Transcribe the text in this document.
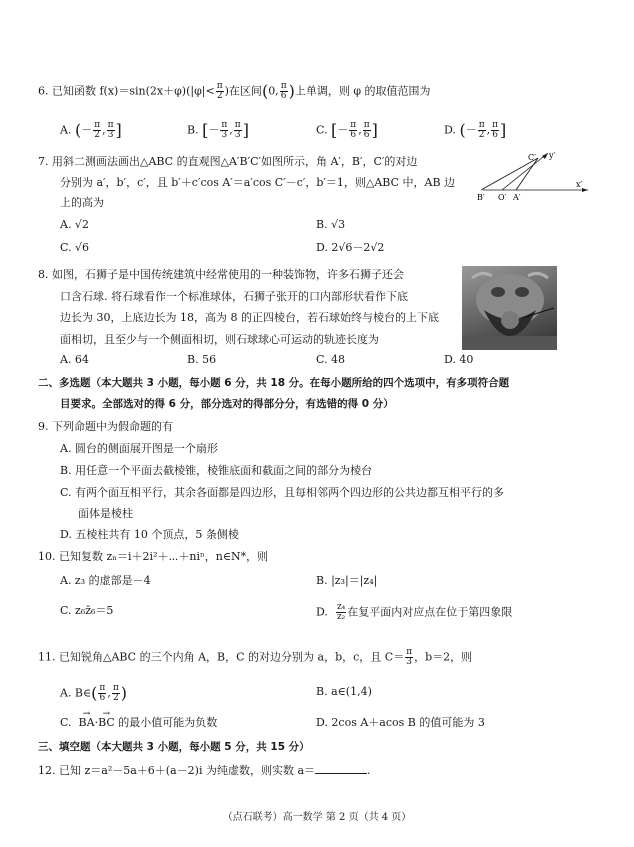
6. 已知函数 $f(x)=\sin(2x+\varphi)(|\varphi|< \frac{\pi}{2}$ )在区间(0, $\frac{\pi}{6}$ )上单调，则 φ 的取值范围为
A. (－ $\frac{\pi}{2}$ , $\frac{\pi}{3}$ ]	B. [－ $\frac{\pi}{3}$ , $\frac{\pi}{3}$ ]	C. [－ $\frac{\pi}{6}$ , $\frac{\pi}{6}$ ]	D. (－ $\frac{\pi}{2}$ , $\frac{\pi}{6}$ ]
7. 用斜二测画法画出△ABC 的直观图△A′B′C′如图所示，角 A′，B′，C′的对边
分别为 a′，b′，c′，且 b′＋c′cos A′＝a′cos C′－c′，b′＝1，则△ABC 中，AB 边
上的高为
A. √2	B. √3
C. √6	D. 2√6－2√2
C′ y′
x′
B′ O′ A′
8. 如图，石狮子是中国传统建筑中经常使用的一种装饰物，许多石狮子还会
口含石球. 将石球看作一个标准球体，石狮子张开的口内部形状看作下底
边长为 30，上底边长为 18，高为 8 的正四棱台，若石球始终与棱台的上下底
面相切，且至少与一个侧面相切，则石球球心可运动的轨迹长度为
A. 64	B. 56	C. 48	D. 40
二、多选题（本大题共 3 小题，每小题 6 分，共 18 分。在每小题所给的四个选项中，有多项符合题
目要求。全部选对的得 6 分，部分选对的得部分分，有选错的得 0 分）
9. 下列命题中为假命题的有
A. 圆台的侧面展开图是一个扇形
B. 用任意一个平面去截棱锥，棱锥底面和截面之间的部分为棱台
C. 有两个面互相平行，其余各面都是四边形，且每相邻两个四边形的公共边都互相平行的多
面体是棱柱
D. 五棱柱共有 10 个顶点，5 条侧棱
10. 已知复数 zₙ＝i＋2i²＋⋯＋niⁿ，n∈N*，则
A. z₃ 的虚部是－4	B. |z₃|＝|z₄|
C. z₆z̄₆＝5	D. $\frac{\text{z₄}}{\text{z₂}}$ 在复平面内对应点在位于第四象限
11. 已知锐角△ABC 的三个内角 A，B，C 的对边分别为 a，b，c，且 $C= \frac{\pi}{3}$ ，b＝2，则
A. B∈( $\frac{\pi}{6}$ , $\frac{\pi}{2}$ )	B. a∈(1,4)
C.  → BA·→ BC 的最小值可能为负数	D. 2cos A＋acos B 的值可能为 3
三、填空题（本大题共 3 小题，每小题 5 分，共 15 分）
12. 已知 z＝a²－5a＋6＋(a－2)i 为纯虚数，则实数 a＝	.
（点石联考）高一数学 第 2 页（共 4 页）
